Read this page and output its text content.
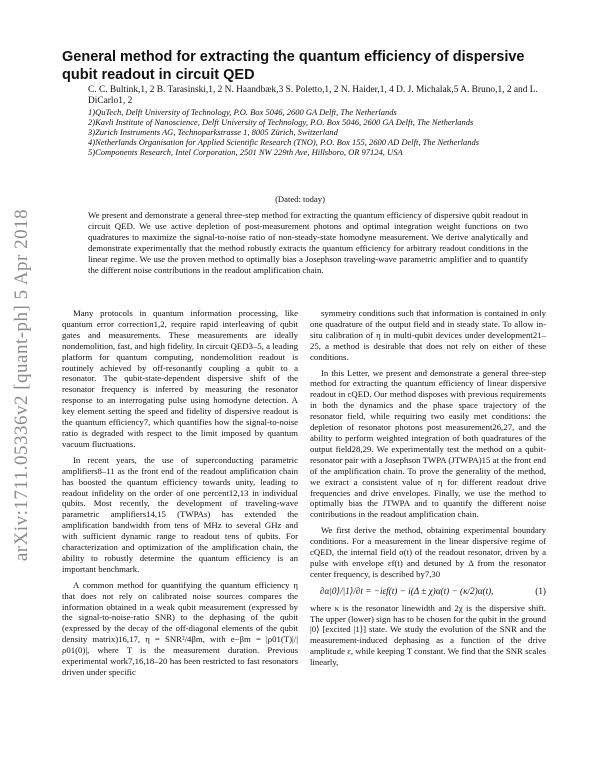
arXiv:1711.05336v2 [quant-ph] 5 Apr 2018
General method for extracting the quantum efficiency of dispersive qubit readout in circuit QED
C. C. Bultink,1, 2 B. Tarasinski,1, 2 N. Haandbæk,3 S. Poletto,1, 2 N. Haider,1, 4 D. J. Michalak,5 A. Bruno,1, 2 and L. DiCarlo1, 2

1)QuTech, Delft University of Technology, P.O. Box 5046, 2600 GA Delft, The Netherlands

2)Kavli Institute of Nanoscience, Delft University of Technology, P.O. Box 5046, 2600 GA Delft, The Netherlands

3)Zurich Instruments AG, Technoparkstrasse 1, 8005 Zürich, Switzerland

4)Netherlands Organisation for Applied Scientific Research (TNO), P.O. Box 155, 2600 AD Delft, The Netherlands

5)Components Research, Intel Corporation, 2501 NW 229th Ave, Hillsboro, OR 97124, USA

(Dated: today)

We present and demonstrate a general three-step method for extracting the quantum efficiency of dispersive qubit readout in circuit QED. We use active depletion of post-measurement photons and optimal integration weight functions on two quadratures to maximize the signal-to-noise ratio of non-steady-state homodyne measurement. We derive analytically and demonstrate experimentally that the method robustly extracts the quantum efficiency for arbitrary readout conditions in the linear regime. We use the proven method to optimally bias a Josephson traveling-wave parametric amplifier and to quantify the different noise contributions in the readout amplification chain.

Many protocols in quantum information processing, like quantum error correction1,2, require rapid interleaving of qubit gates and measurements. These measurements are ideally nondemolition, fast, and high fidelity. In circuit QED3–5, a leading platform for quantum computing, nondemolition readout is routinely achieved by off-resonantly coupling a qubit to a resonator. The qubit-state-dependent dispersive shift of the resonator frequency is inferred by measuring the resonator response to an interrogating pulse using homodyne detection. A key element setting the speed and fidelity of dispersive readout is the quantum efficiency7, which quantifies how the signal-to-noise ratio is degraded with respect to the limit imposed by quantum vacuum fluctuations.

In recent years, the use of superconducting parametric amplifiers8–11 as the front end of the readout amplification chain has boosted the quantum efficiency towards unity, leading to readout infidelity on the order of one percent12,13 in individual qubits. Most recently, the development of traveling-wave parametric amplifiers14,15 (TWPAs) has extended the amplification bandwidth from tens of MHz to several GHz and with sufficient dynamic range to readout tens of qubits. For characterization and optimization of the amplification chain, the ability to robustly determine the quantum efficiency is an important benchmark.

A common method for quantifying the quantum efficiency η that does not rely on calibrated noise sources compares the information obtained in a weak qubit measurement (expressed by the signal-to-noise-ratio SNR) to the dephasing of the qubit (expressed by the decay of the off-diagonal elements of the qubit density matrix)16,17, η = SNR²/4βm, with e−βm = |ρ01(T)|/|ρ01(0)|, where T is the measurement duration. Previous experimental work7,16,18–20 has been restricted to fast resonators driven under specific

symmetry conditions such that information is contained in only one quadrature of the output field and in steady state. To allow in-situ calibration of η in multi-qubit devices under development21–25, a method is desirable that does not rely on either of these conditions.

In this Letter, we present and demonstrate a general three-step method for extracting the quantum efficiency of linear dispersive readout in cQED. Our method disposes with previous requirements in both the dynamics and the phase space trajectory of the resonator field, while requiring two easily met conditions: the depletion of resonator photons post measurement26,27, and the ability to perform weighted integration of both quadratures of the output field28,29. We experimentally test the method on a qubit-resonator pair with a Josephson TWPA (JTWPA)15 at the front end of the amplification chain. To prove the generality of the method, we extract a consistent value of η for different readout drive frequencies and drive envelopes. Finally, we use the method to optimally bias the JTWPA and to quantify the different noise contributions in the readout amplification chain.

We first derive the method, obtaining experimental boundary conditions. For a measurement in the linear dispersive regime of cQED, the internal field α(t) of the readout resonator, driven by a pulse with envelope εf(t) and detuned by Δ from the resonator center frequency, is described by7,30

∂α|0⟩/|1⟩/∂t = −iεf(t) − i(Δ ± χ)α(t) − (κ/2)α(t),	(1)

where κ is the resonator linewidth and 2χ is the dispersive shift. The upper (lower) sign has to be chosen for the qubit in the ground |0⟩ [excited |1⟩] state. We study the evolution of the SNR and the measurement-induced dephasing as a function of the drive amplitude ε, while keeping T constant. We find that the SNR scales linearly,
